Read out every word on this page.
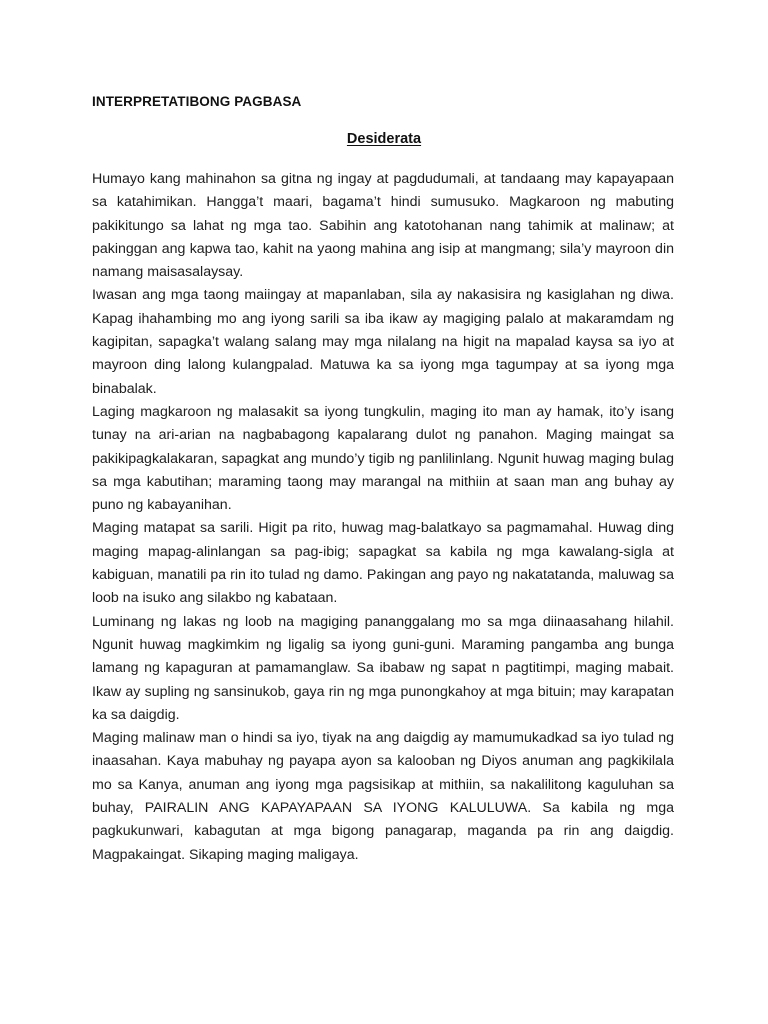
INTERPRETATIBONG PAGBASA
Desiderata

Humayo kang mahinahon sa gitna ng ingay at pagdudumali, at tandaang may kapayapaan sa katahimikan. Hangga’t maari, bagama’t hindi sumusuko. Magkaroon ng mabuting pakikitungo sa lahat ng mga tao. Sabihin ang katotohanan nang tahimik at malinaw; at pakinggan ang kapwa tao, kahit na yaong mahina ang isip at mangmang; sila’y mayroon din namang maisasalaysay.

Iwasan ang mga taong maiingay at mapanlaban, sila ay nakasisira ng kasiglahan ng diwa. Kapag ihahambing mo ang iyong sarili sa iba ikaw ay magiging palalo at makaramdam ng kagipitan, sapagka’t walang salang may mga nilalang na higit na mapalad kaysa sa iyo at mayroon ding lalong kulangpalad. Matuwa ka sa iyong mga tagumpay at sa iyong mga binabalak.

Laging magkaroon ng malasakit sa iyong tungkulin, maging ito man ay hamak, ito’y isang tunay na ari-arian na nagbabagong kapalarang dulot ng panahon. Maging maingat sa pakikipagkalakaran, sapagkat ang mundo’y tigib ng panlilinlang. Ngunit huwag maging bulag sa mga kabutihan; maraming taong may marangal na mithiin at saan man ang buhay ay puno ng kabayanihan.

Maging matapat sa sarili. Higit pa rito, huwag mag-balatkayo sa pagmamahal. Huwag ding maging mapag-alinlangan sa pag-ibig; sapagkat sa kabila ng mga kawalang-sigla at kabiguan, manatili pa rin ito tulad ng damo. Pakingan ang payo ng nakatatanda, maluwag sa loob na isuko ang silakbo ng kabataan.

Luminang ng lakas ng loob na magiging pananggalang mo sa mga diinaasahang hilahil. Ngunit huwag magkimkim ng ligalig sa iyong guni-guni. Maraming pangamba ang bunga lamang ng kapaguran at pamamanglaw. Sa ibabaw ng sapat n pagtitimpi, maging mabait. Ikaw ay supling ng sansinukob, gaya rin ng mga punongkahoy at mga bituin; may karapatan ka sa daigdig.

Maging malinaw man o hindi sa iyo, tiyak na ang daigdig ay mamumukadkad sa iyo tulad ng inaasahan. Kaya mabuhay ng payapa ayon sa kalooban ng Diyos anuman ang pagkikilala mo sa Kanya, anuman ang iyong mga pagsisikap at mithiin, sa nakalilitong kaguluhan sa buhay, PAIRALIN ANG KAPAYAPAAN SA IYONG KALULUWA. Sa kabila ng mga pagkukunwari, kabagutan at mga bigong panagarap, maganda pa rin ang daigdig. Magpakaingat. Sikaping maging maligaya.
